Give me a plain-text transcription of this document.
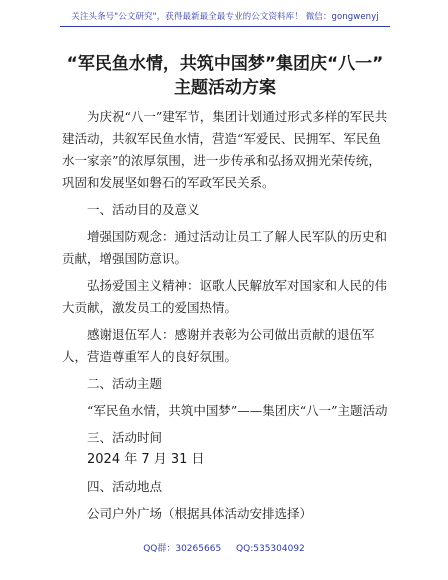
关注头条号"公文研究"，获得最新最全最专业的公文资料库！ 微信：gongwenyj
“军民鱼水情，共筑中国梦”集团庆“八一”
主题活动方案

为庆祝“八一”建军节，集团计划通过形式多样的军民共建活动，共叙军民鱼水情，营造“军爱民、民拥军、军民鱼水一家亲”的浓厚氛围，进一步传承和弘扬双拥光荣传统，巩固和发展坚如磐石的军政军民关系。

一、活动目的及意义

增强国防观念：通过活动让员工了解人民军队的历史和贡献，增强国防意识。

弘扬爱国主义精神：讴歌人民解放军对国家和人民的伟大贡献，激发员工的爱国热情。

感谢退伍军人：感谢并表彰为公司做出贡献的退伍军人，营造尊重军人的良好氛围。

二、活动主题

“军民鱼水情，共筑中国梦”——集团庆“八一”主题活动

三、活动时间

2024 年 7 月 31 日

四、活动地点

公司户外广场（根据具体活动安排选择）

QQ群：30265665 QQ:535304092
